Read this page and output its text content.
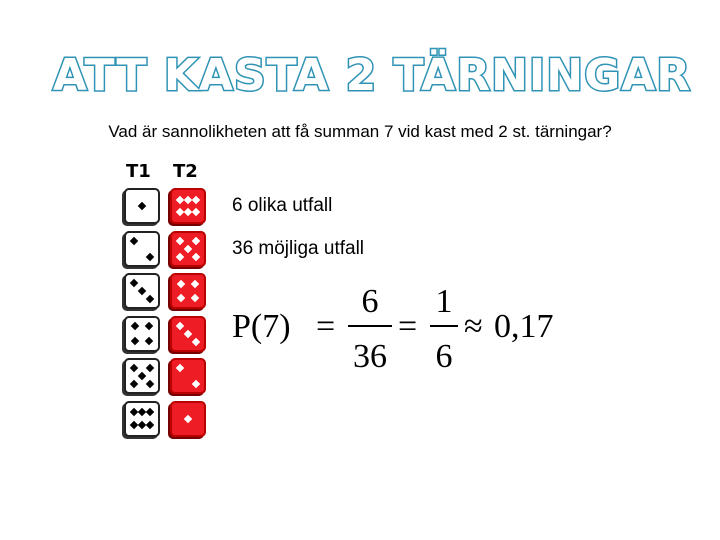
ATT KASTA 2 TÄRNINGAR
Vad är sannolikheten att få summan 7 vid kast med 2 st. tärningar?
T1 T2
6 olika utfall
36 möjliga utfall
P(7) =
6
36
=
1
6
≈ 0,17
